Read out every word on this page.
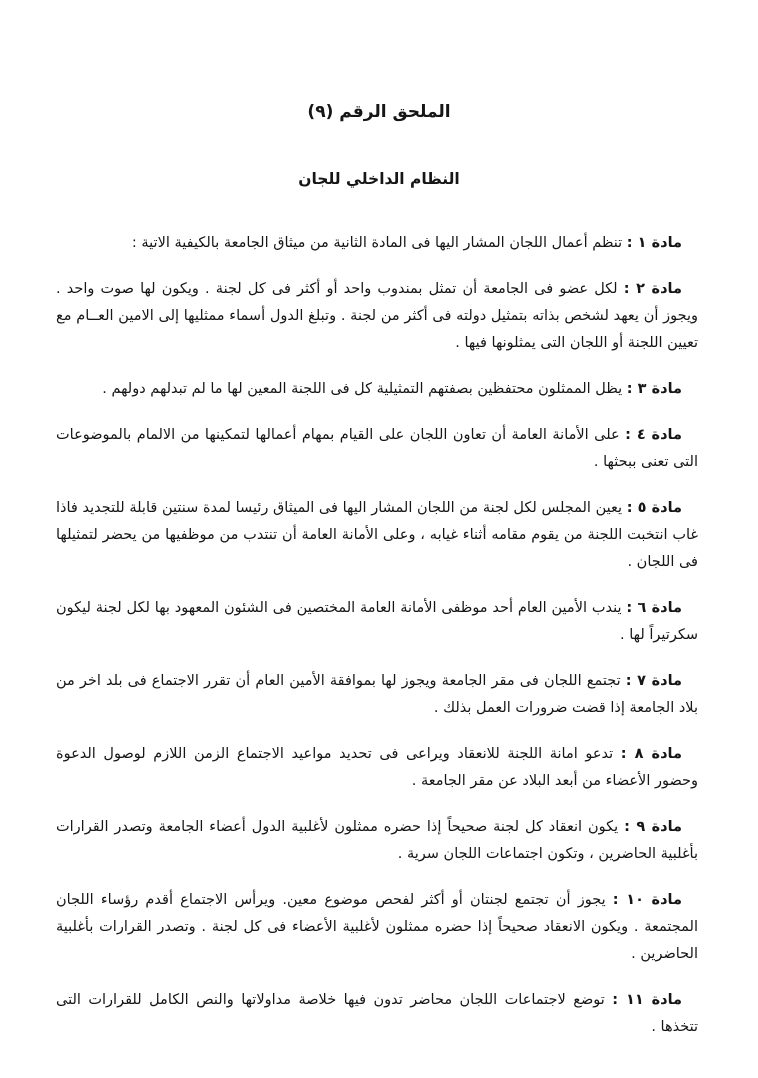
الملحق الرقم (٩)
النظام الداخلي للجان

مادة ١ : تنظم أعمال اللجان المشار اليها فى المادة الثانية من ميثاق الجامعة بالكيفية الاتية :

مادة ٢ : لكل عضو فى الجامعة أن تمثل بمندوب واحد أو أكثر فى كل لجنة . ويكون لها صوت واحد . ويجوز أن يعهد لشخص بذاته بتمثيل دولته فى أكثر من لجنة . وتبلغ الدول أسماء ممثليها إلى الامين العــام مع تعيين اللجنة أو اللجان التى يمثلونها فيها .

مادة ٣ : يظل الممثلون محتفظين بصفتهم التمثيلية كل فى اللجنة المعين لها ما لم تبدلهم دولهم .

مادة ٤ : على الأمانة العامة أن تعاون اللجان على القيام بمهام أعمالها لتمكينها من الالمام بالموضوعات التى تعنى ببحثها .

مادة ٥ : يعين المجلس لكل لجنة من اللجان المشار اليها فى الميثاق رئيسا لمدة سنتين قابلة للتجديد فاذا غاب انتخبت اللجنة من يقوم مقامه أثناء غيابه ، وعلى الأمانة العامة أن تنتدب من موظفيها من يحضر لتمثيلها فى اللجان .

مادة ٦ : يندب الأمين العام أحد موظفى الأمانة العامة المختصين فى الشئون المعهود بها لكل لجنة ليكون سكرتيراً لها .

مادة ٧ : تجتمع اللجان فى مقر الجامعة ويجوز لها بموافقة الأمين العام أن تقرر الاجتماع فى بلد اخر من بلاد الجامعة إذا قضت ضرورات العمل بذلك .

مادة ٨ : تدعو امانة اللجنة للانعقاد ويراعى فى تحديد مواعيد الاجتماع الزمن اللازم لوصول الدعوة وحضور الأعضاء من أبعد البلاد عن مقر الجامعة .

مادة ٩ : يكون انعقاد كل لجنة صحيحاً إذا حضره ممثلون لأغلبية الدول أعضاء الجامعة وتصدر القرارات بأغلبية الحاضرين ، وتكون اجتماعات اللجان سرية .

مادة ١٠ : يجوز أن تجتمع لجنتان أو أكثر لفحص موضوع معين. ويرأس الاجتماع أقدم رؤساء اللجان المجتمعة . ويكون الانعقاد صحيحاً إذا حضره ممثلون لأغلبية الأعضاء فى كل لجنة . وتصدر القرارات بأغلبية الحاضرين .

مادة ١١ : توضع لاجتماعات اللجان محاضر تدون فيها خلاصة مداولاتها والنص الكامل للقرارات التى تتخذها .
